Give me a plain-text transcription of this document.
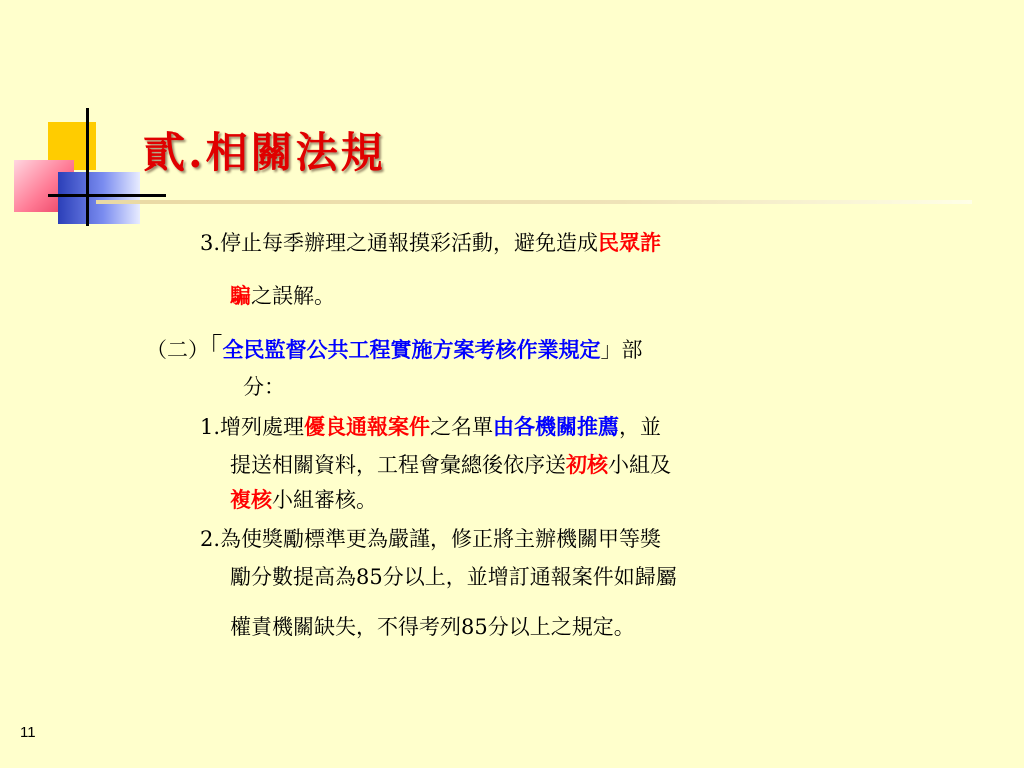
貳.相關法規

3.停止每季辦理之通報摸彩活動，避免造成民眾詐

騙之誤解。

（二）「全民監督公共工程實施方案考核作業規定」部

分：

1.增列處理優良通報案件之名單由各機關推薦，並

提送相關資料，工程會彙總後依序送初核小組及

複核小組審核。

2.為使獎勵標準更為嚴謹，修正將主辦機關甲等獎

勵分數提高為85分以上，並增訂通報案件如歸屬

權責機關缺失，不得考列85分以上之規定。

11
